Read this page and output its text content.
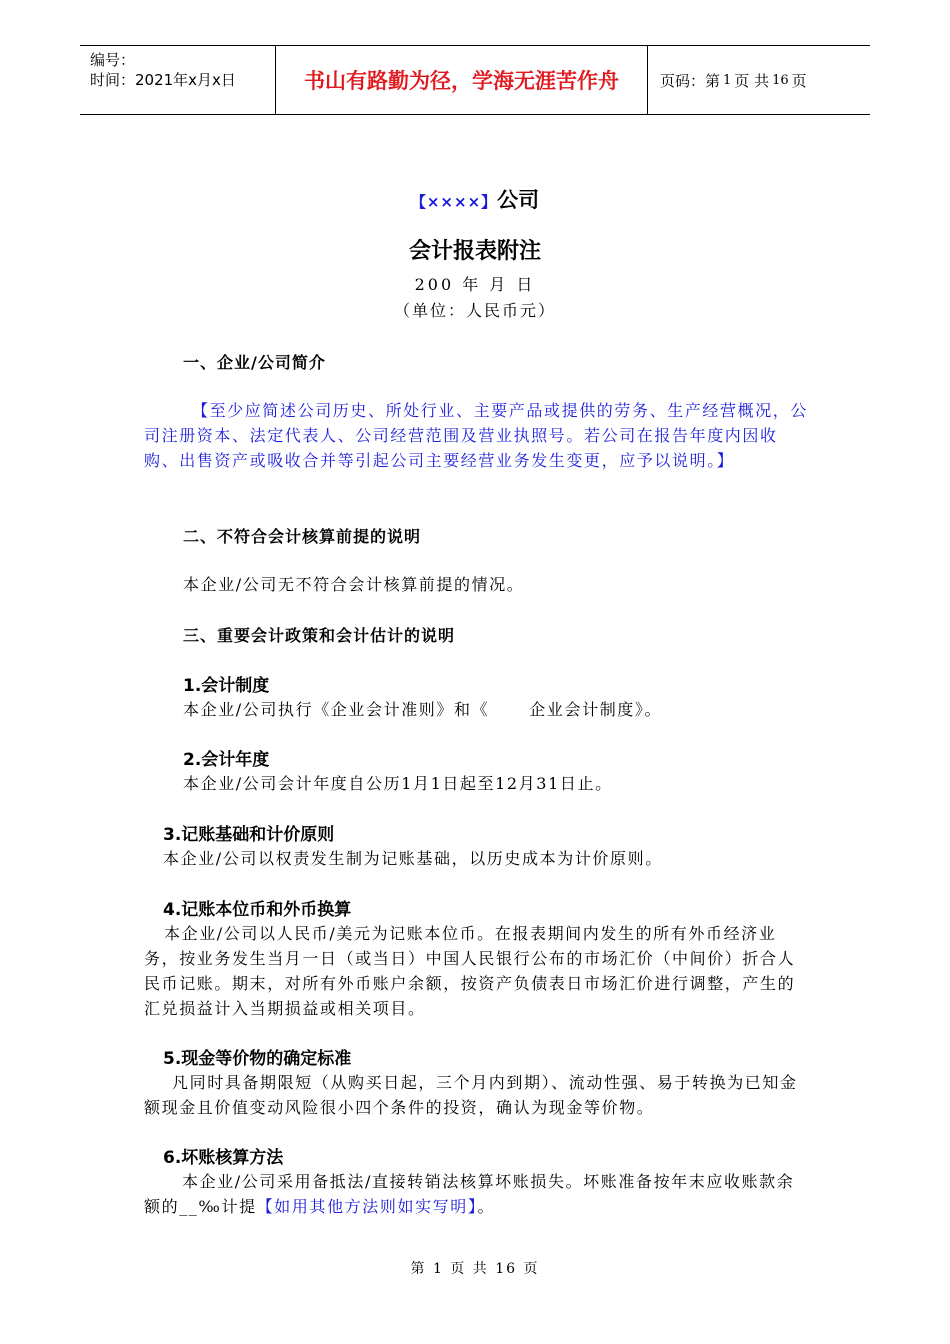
编号：
时间：2021年x月x日	书山有路勤为径，学海无涯苦作舟	页码：第 1 页 共 16 页

【××××】公司

会计报表附注

200 年 月 日

（单位：人民币元）

一、企业/公司简介

【至少应简述公司历史、所处行业、主要产品或提供的劳务、生产经营概况，公司注册资本、法定代表人、公司经营范围及营业执照号。若公司在报告年度内因收购、出售资产或吸收合并等引起公司主要经营业务发生变更，应予以说明。】

二、不符合会计核算前提的说明

本企业/公司无不符合会计核算前提的情况。

三、重要会计政策和会计估计的说明

1.会计制度

本企业/公司执行《企业会计准则》和《      企业会计制度》。

2.会计年度

本企业/公司会计年度自公历1月1日起至12月31日止。

3.记账基础和计价原则

本企业/公司以权责发生制为记账基础，以历史成本为计价原则。

4.记账本位币和外币换算

本企业/公司以人民币/美元为记账本位币。在报表期间内发生的所有外币经济业务，按业务发生当月一日（或当日）中国人民银行公布的市场汇价（中间价）折合人民币记账。期末，对所有外币账户余额，按资产负债表日市场汇价进行调整，产生的汇兑损益计入当期损益或相关项目。

5.现金等价物的确定标准

凡同时具备期限短（从购买日起，三个月内到期）、流动性强、易于转换为已知金额现金且价值变动风险很小四个条件的投资，确认为现金等价物。

6.坏账核算方法

本企业/公司采用备抵法/直接转销法核算坏账损失。坏账准备按年末应收账款余额的__‰计提【如用其他方法则如实写明】。

第 1 页 共 16 页
